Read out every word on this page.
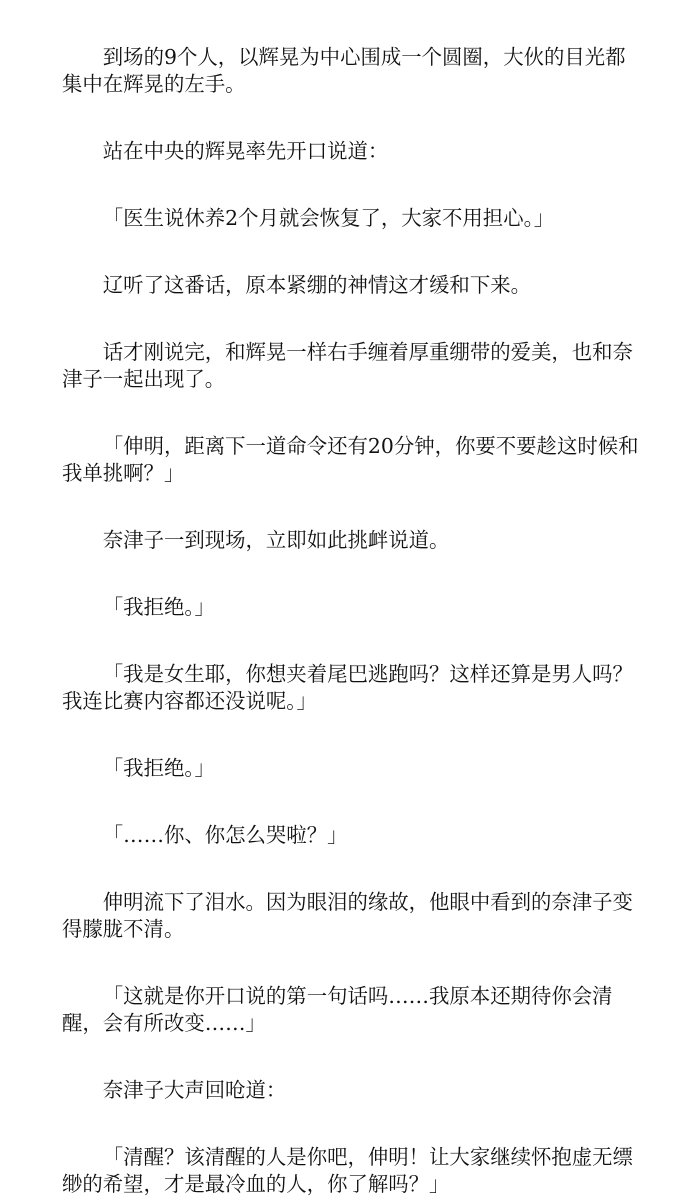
到场的9个人，以辉晃为中心围成一个圆圈，大伙的目光都集中在辉晃的左手。

站在中央的辉晃率先开口说道：

「医生说休养2个月就会恢复了，大家不用担心。」

辽听了这番话，原本紧绷的神情这才缓和下来。

话才刚说完，和辉晃一样右手缠着厚重绷带的爱美，也和奈津子一起出现了。

「伸明，距离下一道命令还有20分钟，你要不要趁这时候和我单挑啊？」

奈津子一到现场，立即如此挑衅说道。

「我拒绝。」

「我是女生耶，你想夹着尾巴逃跑吗？这样还算是男人吗？我连比赛内容都还没说呢。」

「我拒绝。」

「……你、你怎么哭啦？」

伸明流下了泪水。因为眼泪的缘故，他眼中看到的奈津子变得朦胧不清。

「这就是你开口说的第一句话吗……我原本还期待你会清醒，会有所改变……」

奈津子大声回呛道：

「清醒？该清醒的人是你吧，伸明！让大家继续怀抱虚无缥缈的希望，才是最冷血的人，你了解吗？」
